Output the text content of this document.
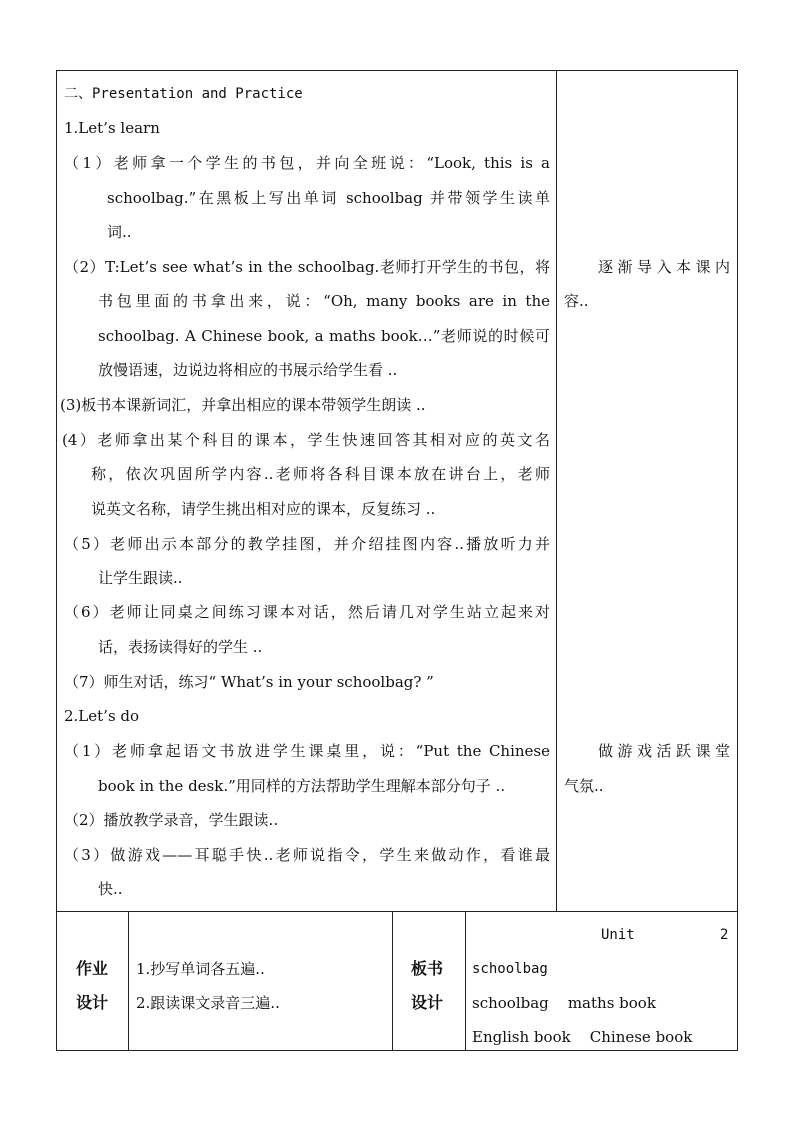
二、Presentation and Practice
1.Let’s learn
（1）老师拿一个学生的书包，并向全班说：“Look, this is a
schoolbag.”在黑板上写出单词 schoolbag 并带领学生读单
词..
（2）T:Let’s see what’s in the schoolbag.老师打开学生的书包，将
书包里面的书拿出来，说：“Oh, many books are in the
schoolbag. A Chinese book, a maths book…”老师说的时候可
放慢语速，边说边将相应的书展示给学生看 ..
(3)板书本课新词汇，并拿出相应的课本带领学生朗读 ..
(4）老师拿出某个科目的课本，学生快速回答其相对应的英文名
称，依次巩固所学内容..老师将各科目课本放在讲台上，老师
说英文名称，请学生挑出相对应的课本，反复练习 ..
（5）老师出示本部分的教学挂图，并介绍挂图内容..播放听力并
让学生跟读..
（6）老师让同桌之间练习课本对话，然后请几对学生站立起来对
话，表扬读得好的学生 ..
（7）师生对话，练习“ What’s in your schoolbag? ”
2.Let’s do
（1）老师拿起语文书放进学生课桌里，说：“Put the Chinese
book in the desk.”用同样的方法帮助学生理解本部分句子 ..
（2）播放教学录音，学生跟读..
（3）做游戏——耳聪手快..老师说指令，学生来做动作，看谁最
快..
逐渐导入本课内
容..
做游戏活跃课堂
气氛..
作业
设计
1.抄写单词各五遍..
2.跟读课文录音三遍..
板书
设计
Unit	2
schoolbag
schoolbag    maths book
English book    Chinese book
